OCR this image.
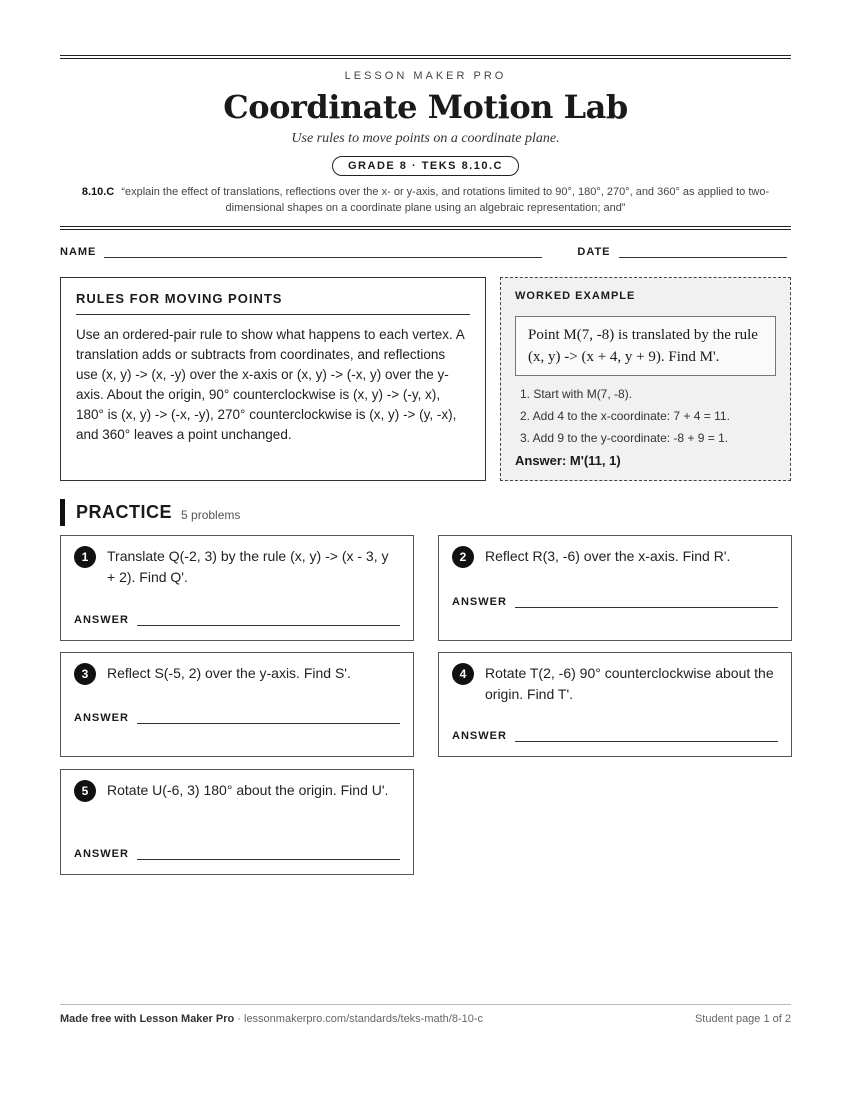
LESSON MAKER PRO
Coordinate Motion Lab
Use rules to move points on a coordinate plane.
GRADE 8 · TEKS 8.10.C
8.10.C “explain the effect of translations, reflections over the x- or y-axis, and rotations limited to 90°, 180°, 270°, and 360° as applied to two-dimensional shapes on a coordinate plane using an algebraic representation; and”
NAME	DATE
RULES FOR MOVING POINTS
Use an ordered-pair rule to show what happens to each vertex. A translation adds or subtracts from coordinates, and reflections use (x, y) -> (x, -y) over the x-axis or (x, y) -> (-x, y) over the y-axis. About the origin, 90° counterclockwise is (x, y) -> (-y, x), 180° is (x, y) -> (-x, -y), 270° counterclockwise is (x, y) -> (y, -x), and 360° leaves a point unchanged.
WORKED EXAMPLE
Point M(7, -8) is translated by the rule (x, y) -> (x + 4, y + 9). Find M'.
1. Start with M(7, -8).
2. Add 4 to the x-coordinate: 7 + 4 = 11.
3. Add 9 to the y-coordinate: -8 + 9 = 1.
Answer: M'(11, 1)
PRACTICE 5 problems
1	Translate Q(-2, 3) by the rule (x, y) -> (x - 3, y + 2). Find Q'.
ANSWER
2	Reflect R(3, -6) over the x-axis. Find R'.
ANSWER
3	Reflect S(-5, 2) over the y-axis. Find S'.
ANSWER
4	Rotate T(2, -6) 90° counterclockwise about the origin. Find T'.
ANSWER
5	Rotate U(-6, 3) 180° about the origin. Find U'.
ANSWER
Made free with Lesson Maker Pro · lessonmakerpro.com/standards/teks-math/8-10-c	Student page 1 of 2
